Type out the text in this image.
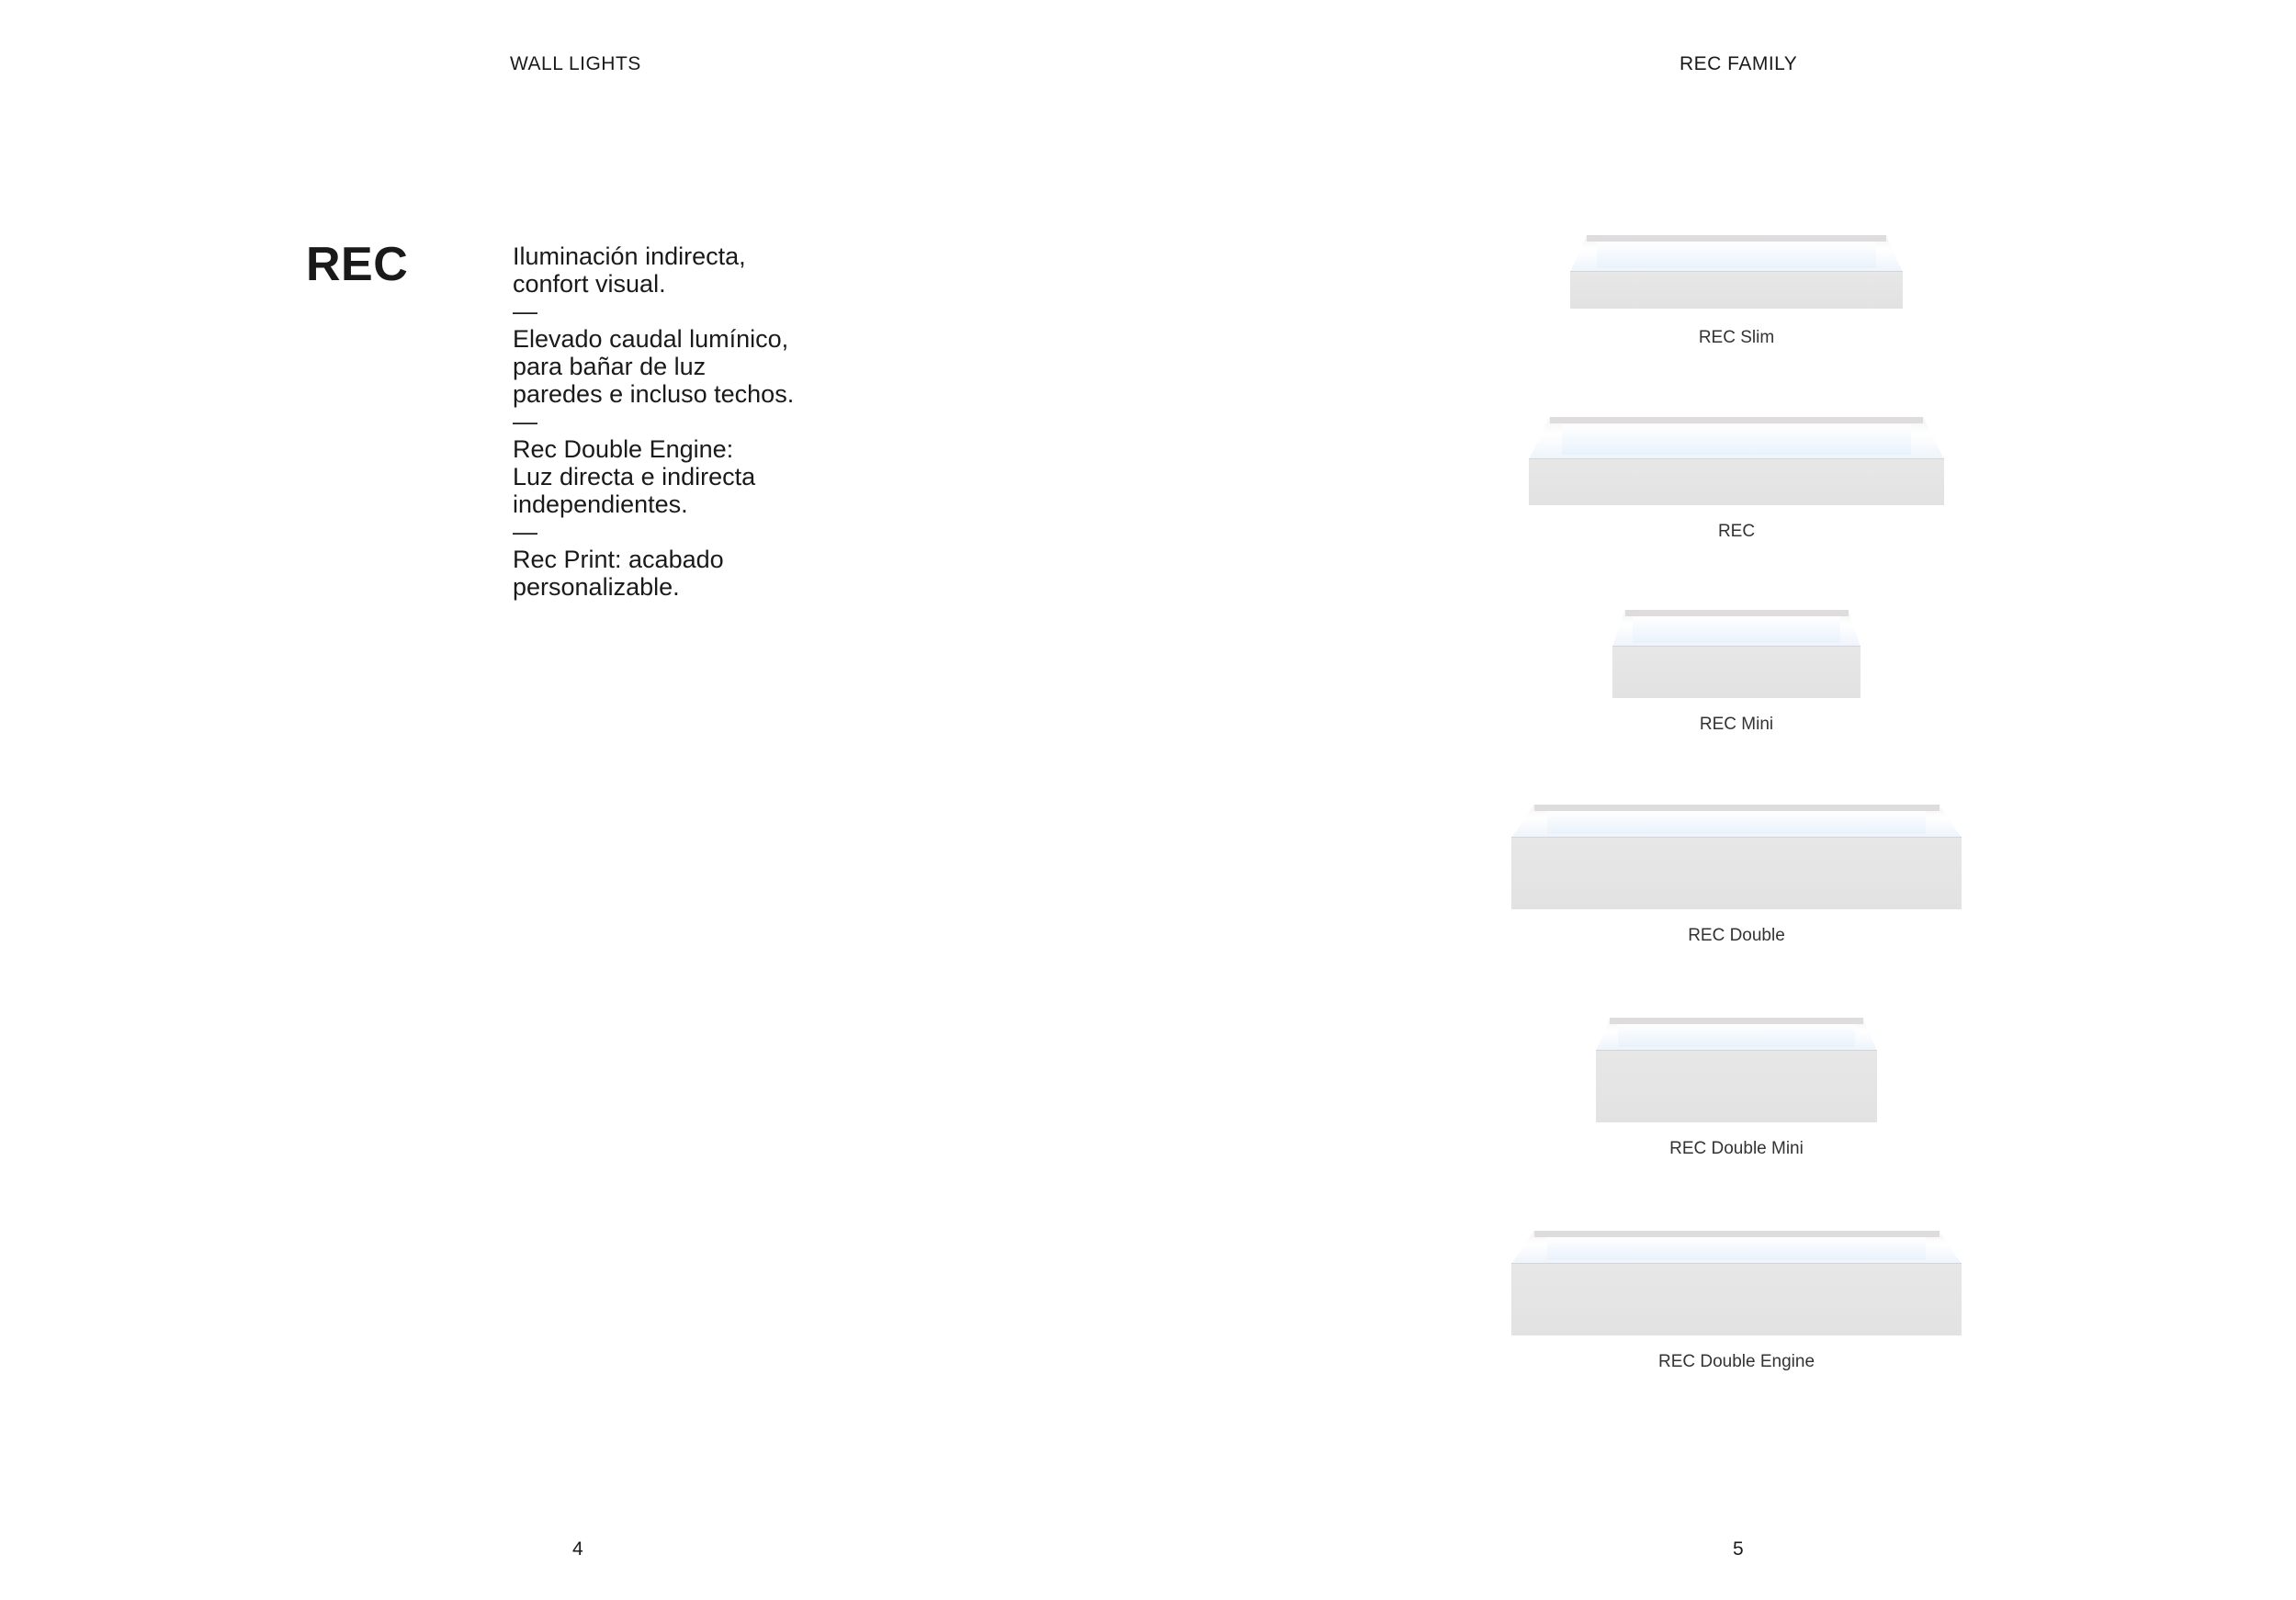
WALL LIGHTS	REC FAMILY
REC	Iluminación indirecta,
confort visual.
—
Elevado caudal lumínico,
para bañar de luz
paredes e incluso techos.
—
Rec Double Engine:
Luz directa e indirecta
independientes.
—
Rec Print: acabado
personalizable.
REC Slim
REC
REC Mini
REC Double
REC Double Mini
REC Double Engine
4	5
